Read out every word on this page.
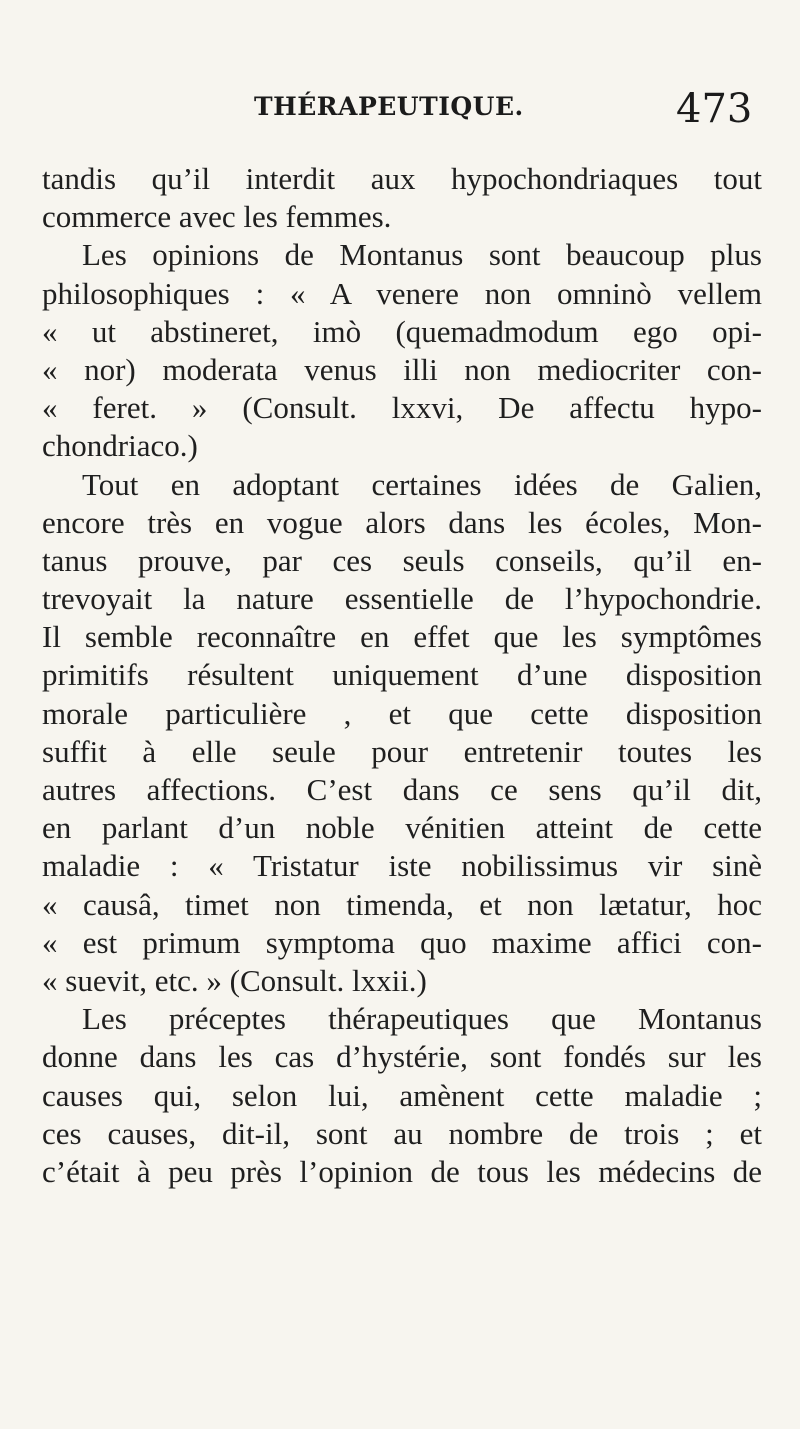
THÉRAPEUTIQUE.	473
tandis qu’il interdit aux hypochondriaques tout
commerce avec les femmes.
Les opinions de Montanus sont beaucoup plus
philosophiques : « A venere non omninò vellem
« ut abstineret, imò (quemadmodum ego opi-
« nor) moderata venus illi non mediocriter con-
« feret. » (Consult. lxxvi, De affectu hypo-
chondriaco.)
Tout en adoptant certaines idées de Galien,
encore très en vogue alors dans les écoles, Mon-
tanus prouve, par ces seuls conseils, qu’il en-
trevoyait la nature essentielle de l’hypochondrie.
Il semble reconnaître en effet que les symptômes
primitifs résultent uniquement d’une disposition
morale particulière , et que cette disposition
suffit à elle seule pour entretenir toutes les
autres affections. C’est dans ce sens qu’il dit,
en parlant d’un noble vénitien atteint de cette
maladie : « Tristatur iste nobilissimus vir sinè
« causâ, timet non timenda, et non lætatur, hoc
« est primum symptoma quo maxime affici con-
« suevit, etc. » (Consult. lxxii.)
Les préceptes thérapeutiques que Montanus
donne dans les cas d’hystérie, sont fondés sur les
causes qui, selon lui, amènent cette maladie ;
ces causes, dit-il, sont au nombre de trois ; et
c’était à peu près l’opinion de tous les médecins de
